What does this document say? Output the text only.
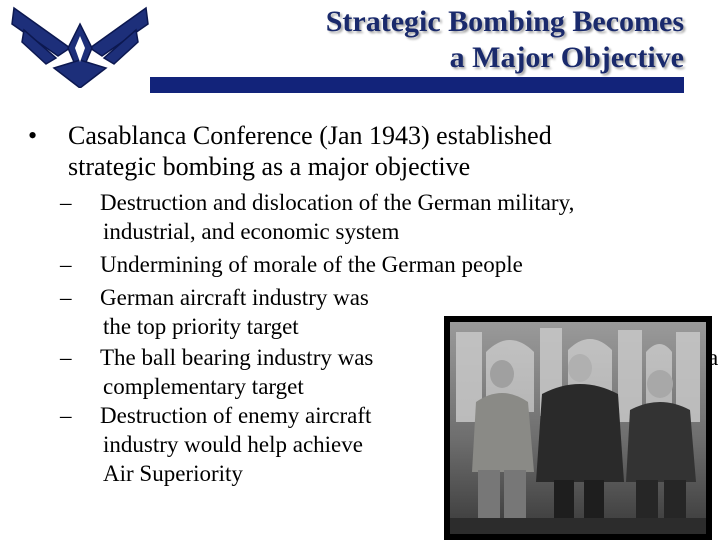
Strategic Bombing Becomes
a Major Objective
• Casablanca Conference (Jan 1943) established
strategic bombing as a major objective
– Destruction and dislocation of the German military,
industrial, and economic system
– Undermining of morale of the German people
– German aircraft industry was
the top priority target
– The ball bearing industry was
complementary target
– Destruction of enemy aircraft
industry would help achieve
Air Superiority
a
